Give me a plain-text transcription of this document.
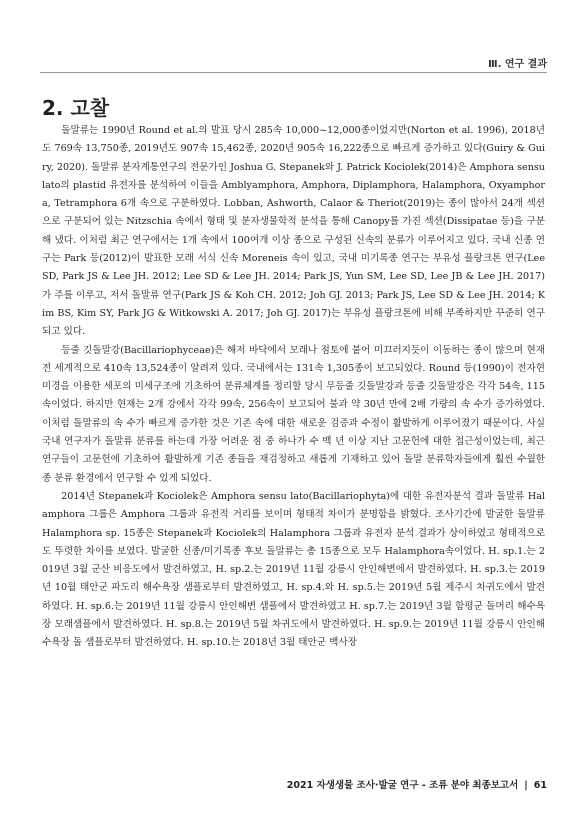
Ⅲ. 연구 결과
2. 고찰

돌말류는 1990년 Round et al.의 발표 당시 285속 10,000~12,000종이었지만(Norton et al. 1996), 2018년도 769속 13,750종, 2019년도 907속 15,462종, 2020년 905속 16,222종으로 빠르게 증가하고 있다(Guiry & Guiry, 2020). 돌말류 분자계통연구의 전문가인 Joshua G. Stepanek와 J. Patrick Kociolek(2014)은 Amphora sensu lato의 plastid 유전자를 분석하여 이들을 Amblyamphora, Amphora, Diplamphora, Halamphora, Oxyamphora, Tetramphora 6개 속으로 구분하였다. Lobban, Ashworth, Calaor & Theriot(2019)는 종이 많아서 24개 섹션으로 구분되어 있는 Nitzschia 속에서 형태 및 분자생물학적 분석을 통해 Canopy를 가진 섹션(Dissipatae 등)을 구분해 냈다. 이처럼 최근 연구에서는 1개 속에서 100여개 이상 종으로 구성된 신속의 분류가 이루어지고 있다. 국내 신종 연구는 Park 등(2012)이 발표한 모래 서식 신속 Moreneis 속이 있고, 국내 미기록종 연구는 부유성 플랑크톤 연구(Lee SD, Park JS & Lee JH. 2012; Lee SD & Lee JH. 2014; Park JS, Yun SM, Lee SD, Lee JB & Lee JH. 2017)가 주를 이루고, 저서 돌말류 연구(Park JS & Koh CH. 2012; Joh GJ. 2013; Park JS, Lee SD & Lee JH. 2014; Kim BS, Kim SY, Park JG & Witkowski A. 2017; Joh GJ. 2017)는 부유성 플랑크톤에 비해 부족하지만 꾸준히 연구되고 있다.

등줄 깃돌말강(Bacillariophyceae)은 해저 바닥에서 모래나 점토에 붙어 미끄러지듯이 이동하는 종이 많으며 현재 전 세계적으로 410속 13,524종이 알려져 있다. 국내에서는 131속 1,305종이 보고되었다. Round 등(1990)이 전자현미경을 이용한 세포의 미세구조에 기초하여 분류체계를 정리할 당시 무등줄 깃돌말강과 등줄 깃돌말강은 각각 54속, 115속이었다. 하지만 현재는 2개 강에서 각각 99속, 256속이 보고되어 불과 약 30년 만에 2배 가량의 속 수가 증가하였다. 이처럼 돌말류의 속 수가 빠르게 증가한 것은 기존 속에 대한 새로운 검증과 수정이 활발하게 이루어졌기 때문이다. 사실 국내 연구자가 돌말류 분류를 하는데 가장 어려운 점 중 하나가 수 백 년 이상 지난 고문헌에 대한 접근성이었는데, 최근 연구들이 고문헌에 기초하여 활발하게 기존 종들을 재검정하고 새롭게 기재하고 있어 돌말 분류학자들에게 훨씬 수월한 종 분류 환경에서 연구할 수 있게 되었다.

2014년 Stepanek과 Kociolek은 Amphora sensu lato(Bacillariophyta)에 대한 유전자분석 결과 돌말류 Halamphora 그룹은 Amphora 그룹과 유전적 거리를 보이며 형태적 차이가 분명함을 밝혔다. 조사기간에 발굴한 돌말류 Halamphora sp. 15종은 Stepanek과 Kociolek의 Halamphora 그룹과 유전자 분석 결과가 상이하였고 형태적으로도 뚜렷한 차이를 보였다. 발굴한 신종/미기록종 후보 돌말류는 총 15종으로 모두 Halamphora속이었다. H. sp.1.는 2019년 3월 군산 비응도에서 발견하였고, H. sp.2.는 2019년 11월 강릉시 안인해변에서 발견하였다. H. sp.3.는 2019년 10월 태안군 파도리 해수욕장 샘플로부터 발견하였고, H. sp.4.와 H. sp.5.는 2019년 5월 제주시 차귀도에서 발견하였다. H. sp.6.는 2019년 11월 강릉시 안인해변 샘플에서 발견하였고 H. sp.7.는 2019년 3월 함평군 돌머리 해수욕장 모래샘플에서 발견하였다. H. sp.8.는 2019년 5월 차귀도에서 발견하였다. H. sp.9.는 2019년 11월 강릉시 안인해수욕장 돌 샘플로부터 발견하였다. H. sp.10.는 2018년 3월 태안군 백사장

2021 자생생물 조사·발굴 연구 - 조류 분야 최종보고서 | 61
